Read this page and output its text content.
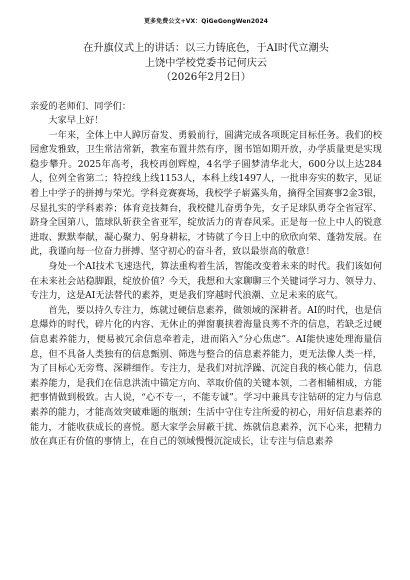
更多免费公文+VX：QiGeGongWen2024
在升旗仪式上的讲话：以三力铸底色，于AI时代立潮头
上饶中学校党委书记何庆云
（2026年2月2日）

亲爱的老师们、同学们：

大家早上好！

一年来，全体上中人踔厉奋发、勇毅前行，圆满完成各项既定目标任务。我们的校园愈发雅致，卫生常洁常新，教室布置井然有序，图书馆如期开放，办学质量更是实现稳步攀升。2025年高考，我校再创辉煌，4名学子圆梦清华北大，600分以上达284人，位列全省第二；特控线上线1153人，本科上线1497人，一批串夯实的数字，见证着上中学子的拼搏与荣光。学科竞赛赛场，我校学子崭露头角，摘得全国赛事2金3银，尽显扎实的学科素养；体育竞技舞台，我校健儿奋勇争先，女子足球队勇夺全省冠军、跻身全国第八，篮球队斩获全省亚军，绽放活力的青春风采。正是每一位上中人的锐意进取、默默奉献，凝心聚力、躬身耕耘，才铸就了今日上中的欣欣向荣、蓬勃发展。在此，我谨向每一位奋力拼搏、坚守初心的奋斗者，致以最崇高的敬意！

身处一个AI技术飞速迭代，算法重构着生活，智能改变着未来的时代。我们该如何在未来社会站稳脚跟，绽放价值？今天，我想和大家聊聊三个关键词学习力、领导力、专注力，这是AI无法替代的素养，更是我们穿越时代浪潮、立足未来的底气。

首先，要以持久专注力，炼就过硬信息素养，做领域的深耕者。AI的时代，也是信息爆炸的时代，碎片化的内容、无休止的弹窗裹挟着海量良莠不齐的信息，若缺乏过硬信息素养能力，便易被冗余信息牵着走，进而陷入“分心焦虑”。AI能快速处理海量信息，但不具备人类独有的信息甄别、筛选与整合的信息素养能力，更无法像人类一样，为了目标心无旁骛、深耕细作。专注力，是我们对抗浮躁、沉淀自我的核心能力，信息素养能力，是我们在信息洪流中锚定方向、萃取价值的关键本领，二者相辅相成，方能把事情做到极致。古人说，“心不专一，不能专诚”。学习中兼具专注钻研的定力与信息素养的能力，才能高效突破难题的瓶颈；生活中守住专注所爱的初心，用好信息素养的能力，才能收获成长的喜悦。愿大家学会屏蔽干扰、炼就信息素养，沉下心来，把精力放在真正有价值的事情上，在自己的领域慢慢沉淀成长，让专注与信息素养
